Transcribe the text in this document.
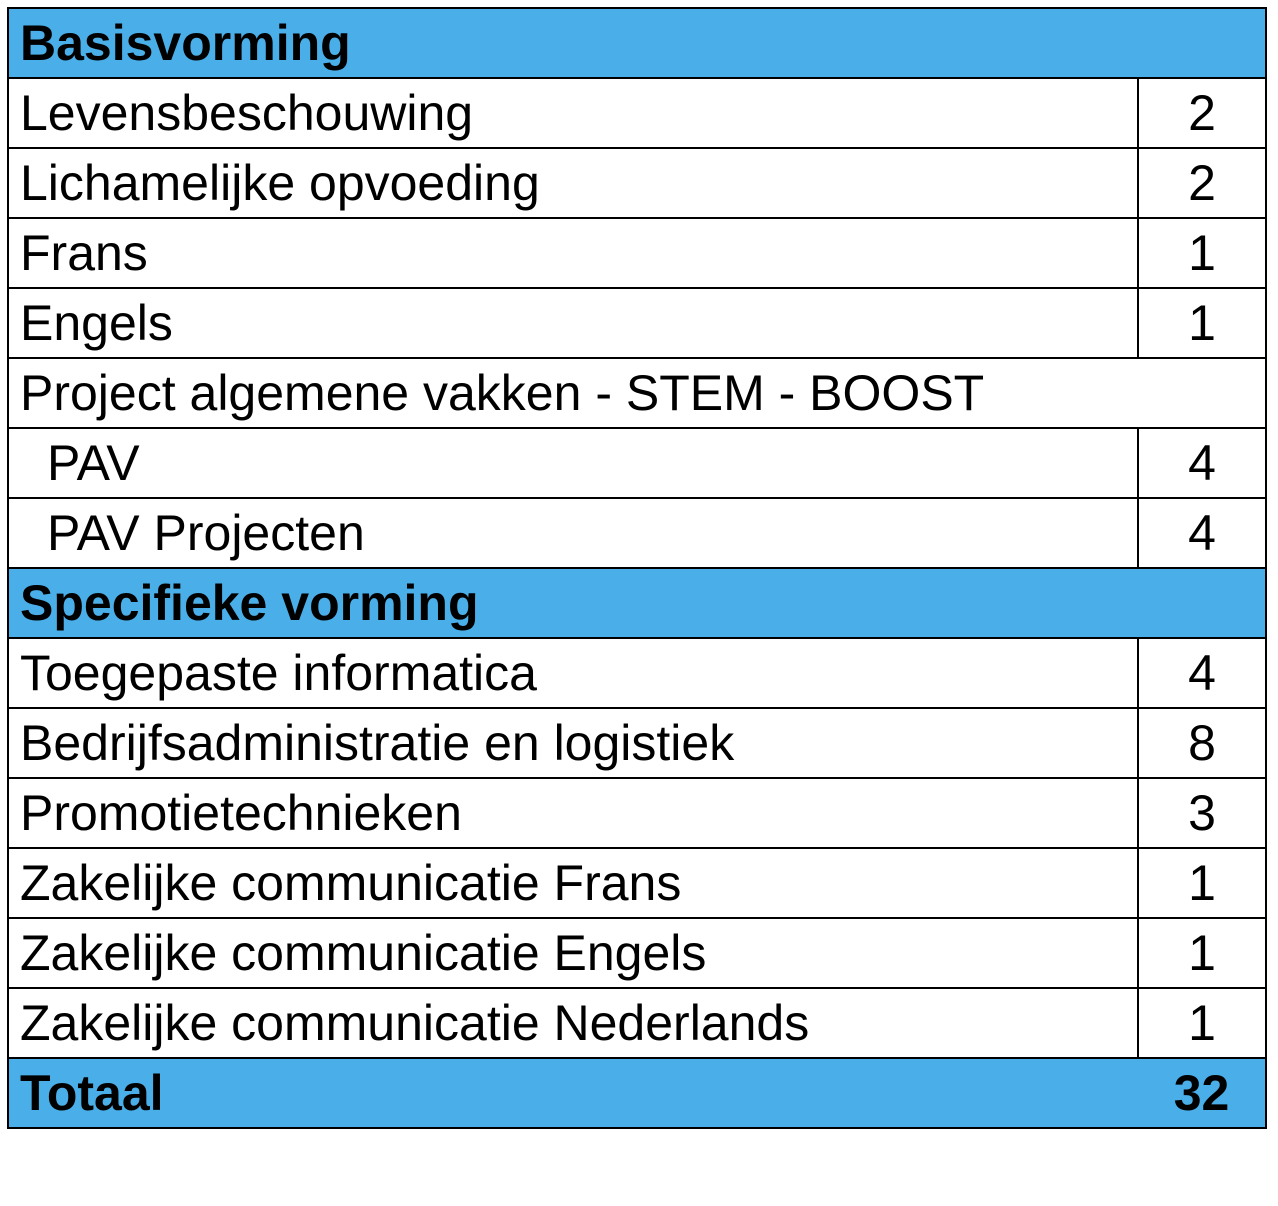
Basisvorming	
Levensbeschouwing	2
Lichamelijke opvoeding	2
Frans	1
Engels	1
Project algemene vakken - STEM - BOOST	
PAV	4
PAV Projecten	4
Specifieke vorming	
Toegepaste informatica	4
Bedrijfsadministratie en logistiek	8
Promotietechnieken	3
Zakelijke communicatie Frans	1
Zakelijke communicatie Engels	1
Zakelijke communicatie Nederlands	1
Totaal	32
